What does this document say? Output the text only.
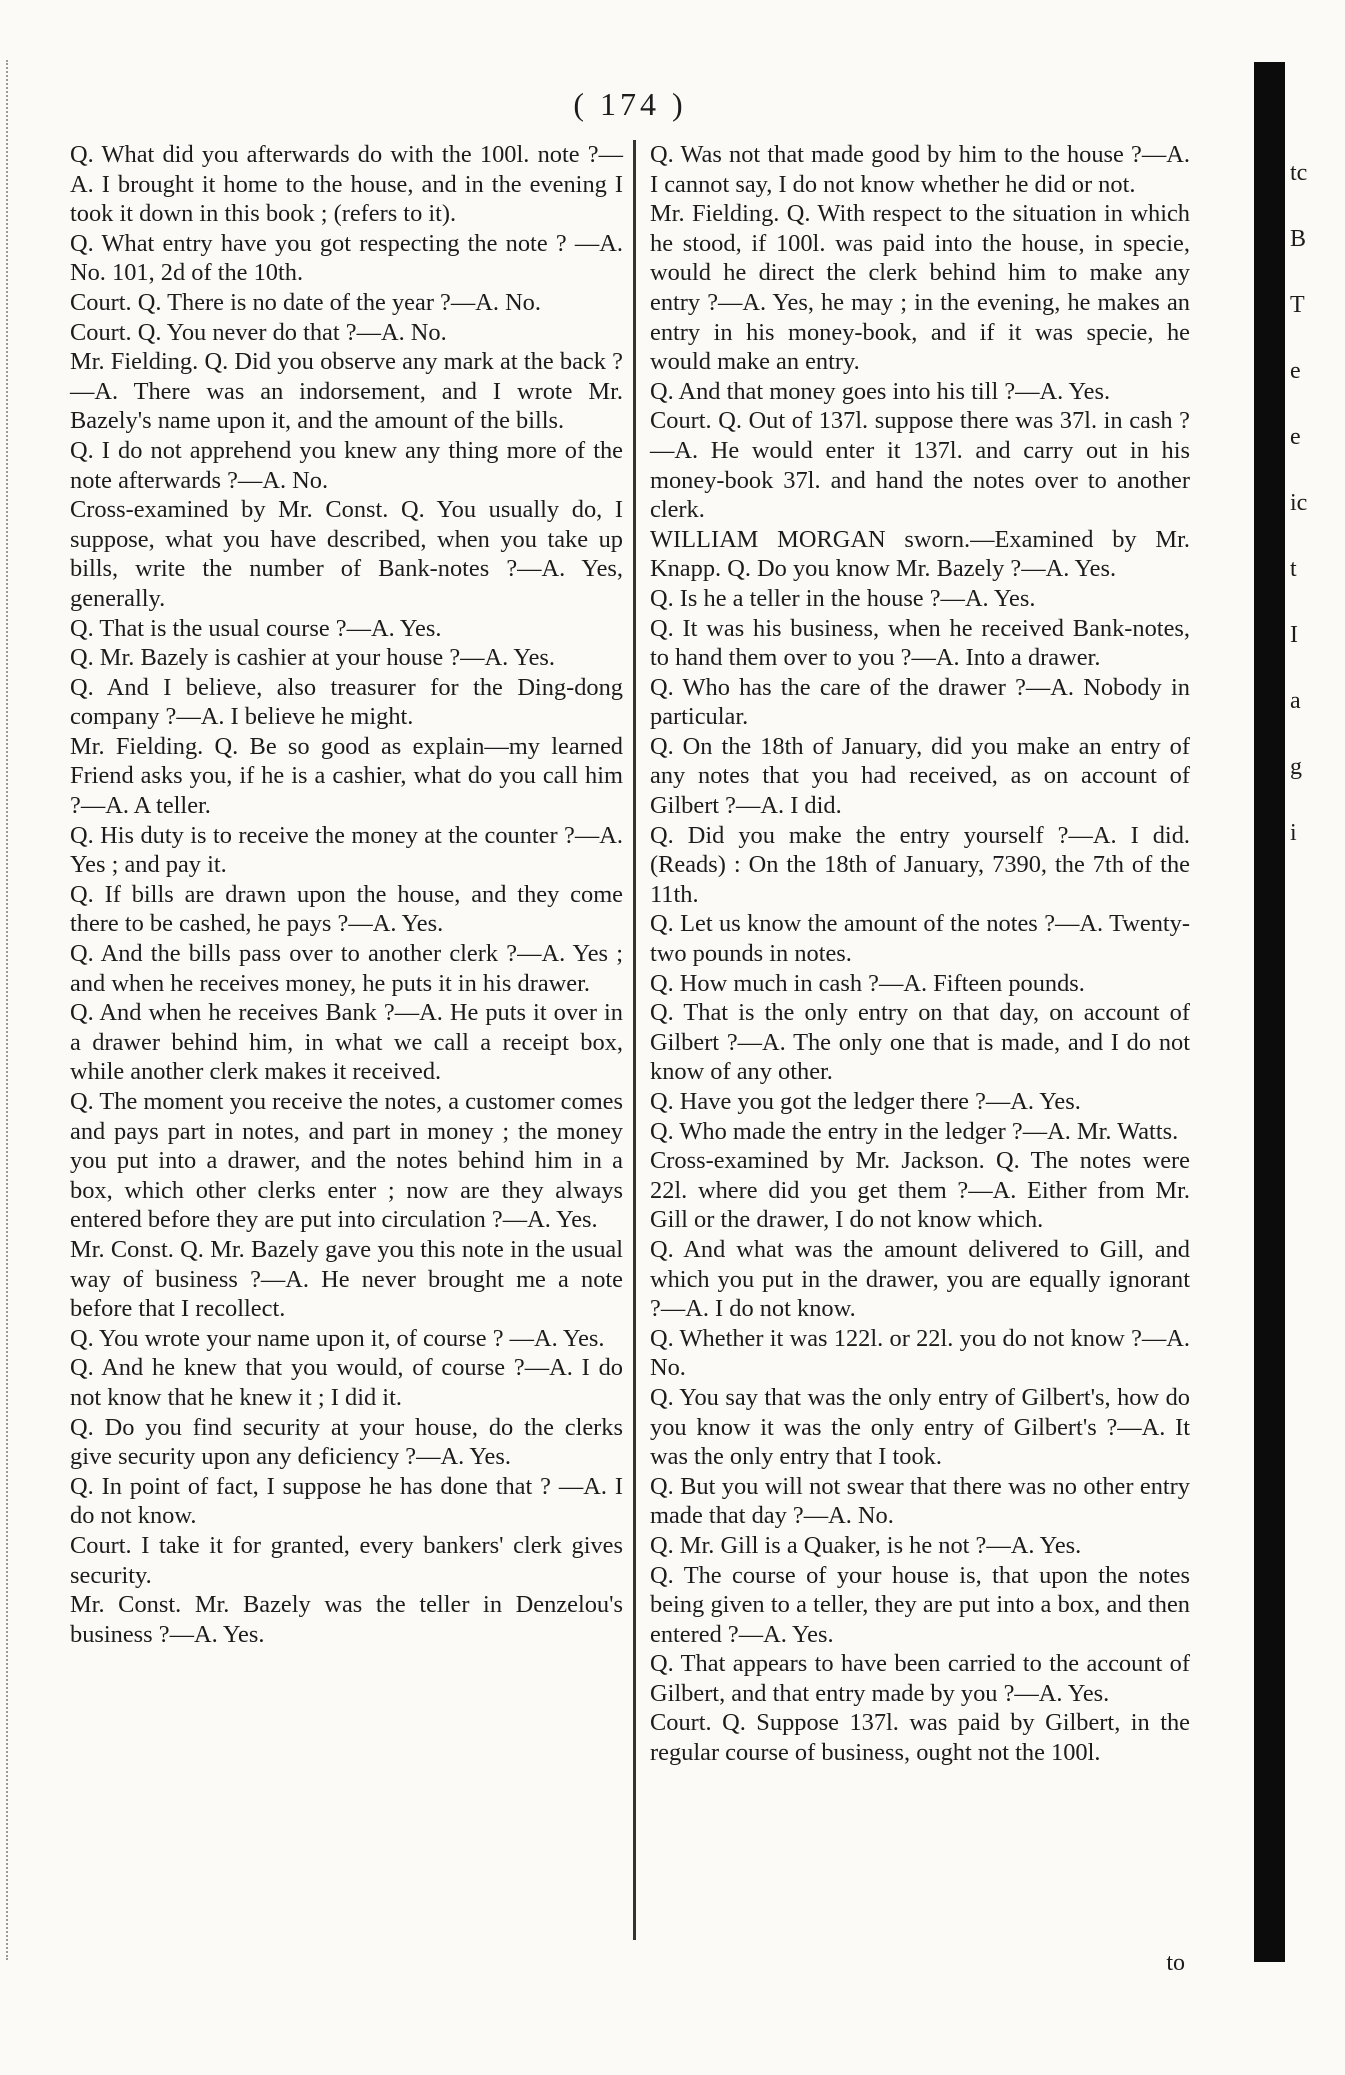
( 174 )

Q. What did you afterwards do with the 100l. note ?—A. I brought it home to the house, and in the evening I took it down in this book ; (refers to it).

Q. What entry have you got respecting the note ? —A. No. 101, 2d of the 10th.

Court. Q. There is no date of the year ?—A. No.

Court. Q. You never do that ?—A. No.

Mr. Fielding. Q. Did you observe any mark at the back ?—A. There was an indorsement, and I wrote Mr. Bazely's name upon it, and the amount of the bills.

Q. I do not apprehend you knew any thing more of the note afterwards ?—A. No.

Cross-examined by Mr. Const. Q. You usually do, I suppose, what you have described, when you take up bills, write the number of Bank-notes ?—A. Yes, generally.

Q. That is the usual course ?—A. Yes.

Q. Mr. Bazely is cashier at your house ?—A. Yes.

Q. And I believe, also treasurer for the Ding-dong company ?—A. I believe he might.

Mr. Fielding. Q. Be so good as explain—my learned Friend asks you, if he is a cashier, what do you call him ?—A. A teller.

Q. His duty is to receive the money at the counter ?—A. Yes ; and pay it.

Q. If bills are drawn upon the house, and they come there to be cashed, he pays ?—A. Yes.

Q. And the bills pass over to another clerk ?—A. Yes ; and when he receives money, he puts it in his drawer.

Q. And when he receives Bank ?—A. He puts it over in a drawer behind him, in what we call a receipt box, while another clerk makes it received.

Q. The moment you receive the notes, a customer comes and pays part in notes, and part in money ; the money you put into a drawer, and the notes behind him in a box, which other clerks enter ; now are they always entered before they are put into circulation ?—A. Yes.

Mr. Const. Q. Mr. Bazely gave you this note in the usual way of business ?—A. He never brought me a note before that I recollect.

Q. You wrote your name upon it, of course ? —A. Yes.

Q. And he knew that you would, of course ?—A. I do not know that he knew it ; I did it.

Q. Do you find security at your house, do the clerks give security upon any deficiency ?—A. Yes.

Q. In point of fact, I suppose he has done that ? —A. I do not know.

Court. I take it for granted, every bankers' clerk gives security.

Mr. Const. Mr. Bazely was the teller in Denzelou's business ?—A. Yes.

Q. Was not that made good by him to the house ?—A. I cannot say, I do not know whether he did or not.

Mr. Fielding. Q. With respect to the situation in which he stood, if 100l. was paid into the house, in specie, would he direct the clerk behind him to make any entry ?—A. Yes, he may ; in the evening, he makes an entry in his money-book, and if it was specie, he would make an entry.

Q. And that money goes into his till ?—A. Yes.

Court. Q. Out of 137l. suppose there was 37l. in cash ?—A. He would enter it 137l. and carry out in his money-book 37l. and hand the notes over to another clerk.

WILLIAM MORGAN sworn.—Examined by Mr. Knapp. Q. Do you know Mr. Bazely ?—A. Yes.

Q. Is he a teller in the house ?—A. Yes.

Q. It was his business, when he received Bank-notes, to hand them over to you ?—A. Into a drawer.

Q. Who has the care of the drawer ?—A. Nobody in particular.

Q. On the 18th of January, did you make an entry of any notes that you had received, as on account of Gilbert ?—A. I did.

Q. Did you make the entry yourself ?—A. I did. (Reads) : On the 18th of January, 7390, the 7th of the 11th.

Q. Let us know the amount of the notes ?—A. Twenty-two pounds in notes.

Q. How much in cash ?—A. Fifteen pounds.

Q. That is the only entry on that day, on account of Gilbert ?—A. The only one that is made, and I do not know of any other.

Q. Have you got the ledger there ?—A. Yes.

Q. Who made the entry in the ledger ?—A. Mr. Watts.

Cross-examined by Mr. Jackson. Q. The notes were 22l. where did you get them ?—A. Either from Mr. Gill or the drawer, I do not know which.

Q. And what was the amount delivered to Gill, and which you put in the drawer, you are equally ignorant ?—A. I do not know.

Q. Whether it was 122l. or 22l. you do not know ?—A. No.

Q. You say that was the only entry of Gilbert's, how do you know it was the only entry of Gilbert's ?—A. It was the only entry that I took.

Q. But you will not swear that there was no other entry made that day ?—A. No.

Q. Mr. Gill is a Quaker, is he not ?—A. Yes.

Q. The course of your house is, that upon the notes being given to a teller, they are put into a box, and then entered ?—A. Yes.

Q. That appears to have been carried to the account of Gilbert, and that entry made by you ?—A. Yes.

Court. Q. Suppose 137l. was paid by Gilbert, in the regular course of business, ought not the 100l.

to
tc
B
T
e
e
ic
t
I
a
g
i
